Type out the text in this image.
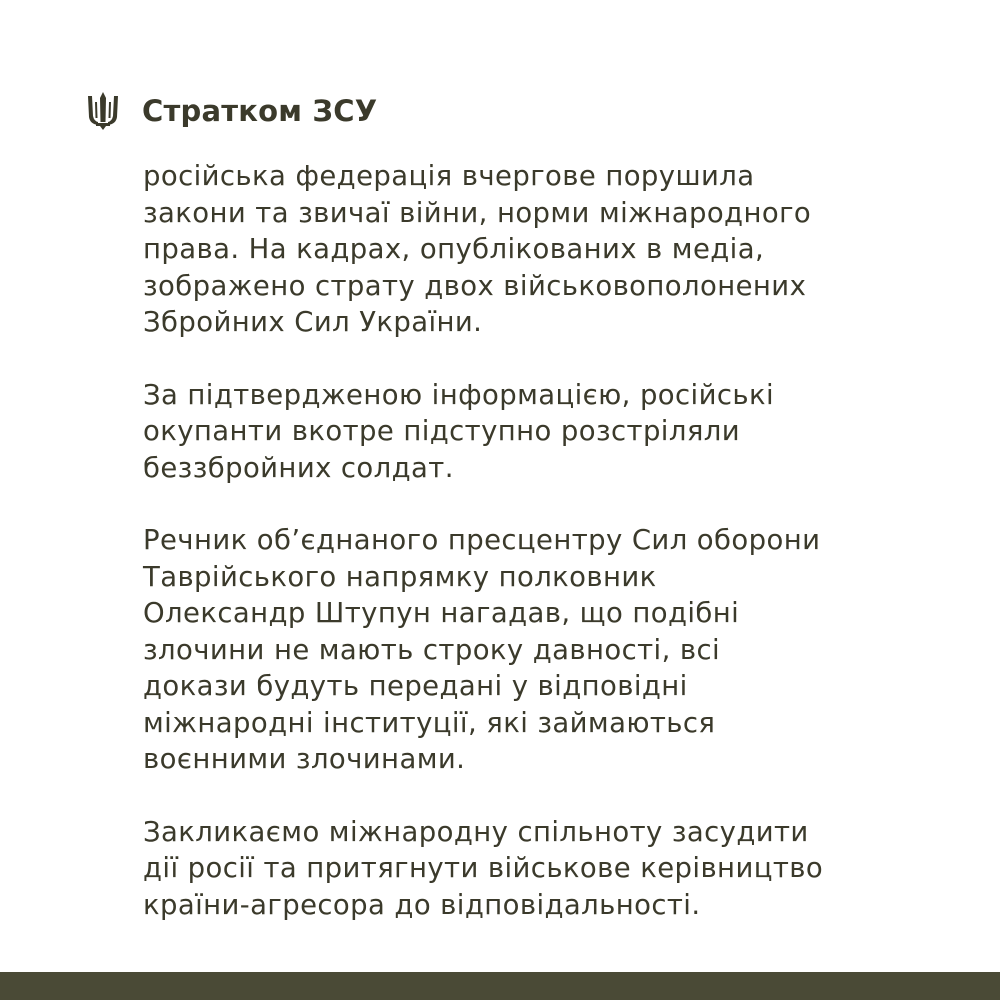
Стратком ЗСУ

російська федерація вчергове порушила
закони та звичаї війни, норми міжнародного
права. На кадрах, опублікованих в медіа,
зображено страту двох військовополонених
Збройних Сил України.

За підтвердженою інформацією, російські
окупанти вкотре підступно розстріляли
беззбройних солдат.

Речник об’єднаного пресцентру Сил оборони
Таврійського напрямку полковник
Олександр Штупун нагадав, що подібні
злочини не мають строку давності, всі
докази будуть передані у відповідні
міжнародні інституції, які займаються
воєнними злочинами.

Закликаємо міжнародну спільноту засудити
дії росії та притягнути військове керівництво
країни-агресора до відповідальності.
